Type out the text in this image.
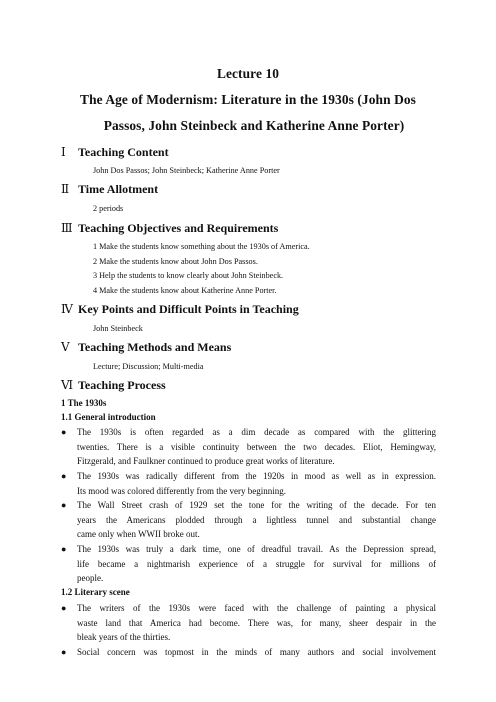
Lecture 10
The Age of Modernism: Literature in the 1930s (John Dos
Passos, John Steinbeck and Katherine Anne Porter)
Ⅰ Teaching Content
John Dos Passos; John Steinbeck; Katherine Anne Porter
Ⅱ Time Allotment
2 periods
Ⅲ Teaching Objectives and Requirements
1 Make the students know something about the 1930s of America.
2 Make the students know about John Dos Passos.
3 Help the students to know clearly about John Steinbeck.
4 Make the students know about Katherine Anne Porter.
Ⅳ Key Points and Difficult Points in Teaching
John Steinbeck
Ⅴ Teaching Methods and Means
Lecture; Discussion; Multi-media
Ⅵ Teaching Process
1 The 1930s
1.1 General introduction
● The 1930s is often regarded as a dim decade as compared with the glittering
twenties. There is a visible continuity between the two decades. Eliot, Hemingway,
Fitzgerald, and Faulkner continued to produce great works of literature.
● The 1930s was radically different from the 1920s in mood as well as in expression.
Its mood was colored differently from the very beginning.
● The Wall Street crash of 1929 set the tone for the writing of the decade. For ten
years the Americans plodded through a lightless tunnel and substantial change
came only when WWII broke out.
● The 1930s was truly a dark time, one of dreadful travail. As the Depression spread,
life became a nightmarish experience of a struggle for survival for millions of
people.
1.2 Literary scene
● The writers of the 1930s were faced with the challenge of painting a physical
waste land that America had become. There was, for many, sheer despair in the
bleak years of the thirties.
● Social concern was topmost in the minds of many authors and social involvement
